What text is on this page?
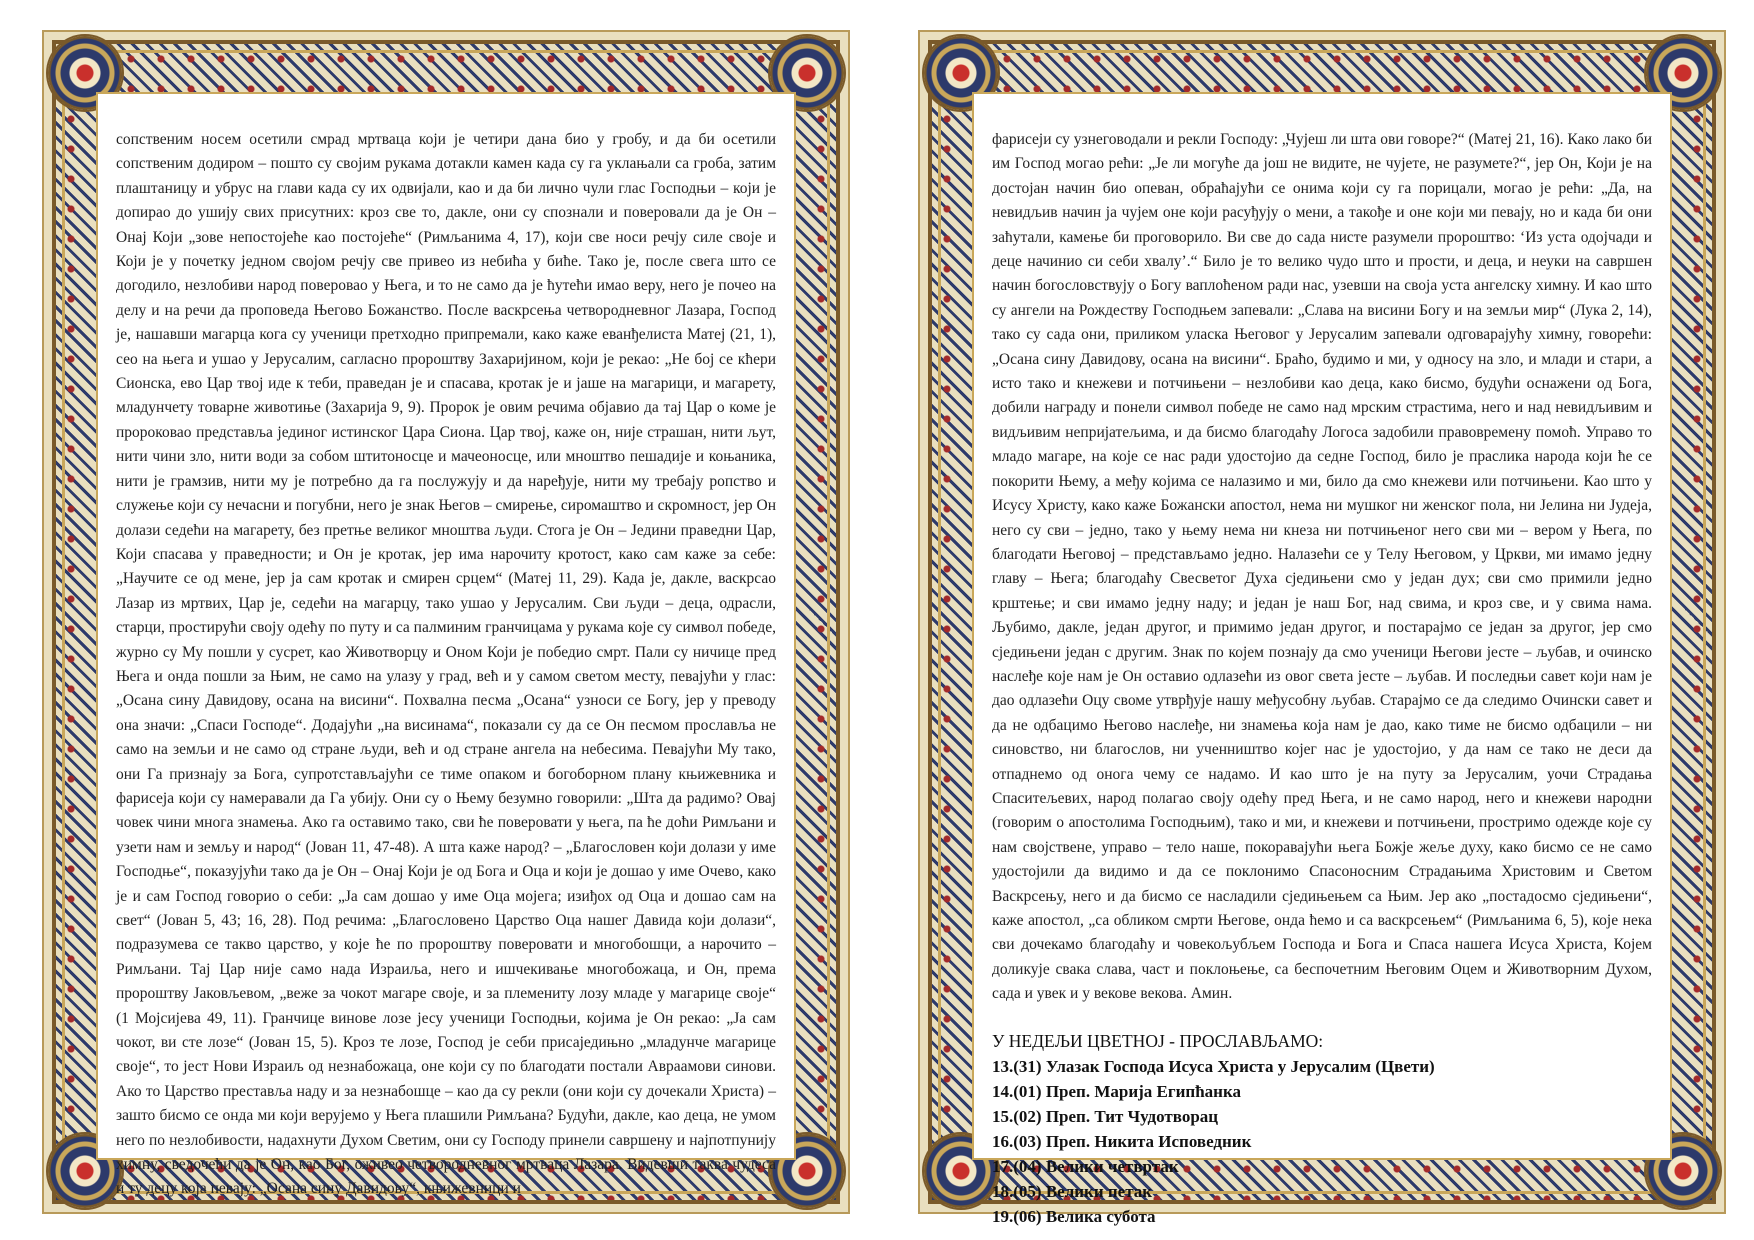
сопственим носем осетили смрад мртваца који је четири дана био у гробу, и да би осетили сопственим додиром – пошто су својим рукама дотакли камен када су га уклањали са гроба, затим плаштаницу и убрус на глави када су их одвијали, као и да би лично чули глас Господњи – који је допирао до ушију свих присутних: кроз све то, дакле, они су спознали и поверовали да је Он – Онај Који „зове непостојеће као постојеће“ (Римљанима 4, 17), који све носи речју силе своје и Који је у почетку једном својом речју све привео из небића у биће. Тако је, после свега што се догодило, незлобиви народ поверовао у Њега, и то не само да је ћутећи имао веру, него је почео на делу и на речи да проповеда Његово Божанство. После васкрсења четвородневног Лазара, Господ је, нашавши магарца кога су ученици претходно припремали, како каже еванђелиста Матеј (21, 1), сео на њега и ушао у Јерусалим, сагласно пророштву Захаријином, који је рекао: „Не бој се кћери Сионска, ево Цар твој иде к теби, праведан је и спасава, кротак је и јаше на магарици, и магарету, младунчету товарне животиње (Захарија 9, 9). Пророк је овим речима објавио да тај Цар о коме је пророковао представља јединог истинског Цара Сиона. Цар твој, каже он, није страшан, нити љут, нити чини зло, нити води за собом штитоносце и мачеоносце, или мноштво пешадије и коњаника, нити је грамзив, нити му је потребно да га послужују и да наређује, нити му требају ропство и служење који су нечасни и погубни, него је знак Његов – смирење, сиромаштво и скромност, јер Он долази седећи на магарету, без претње великог мноштва људи. Стога је Он – Једини праведни Цар, Који спасава у праведности; и Он је кротак, јер има нарочиту кротост, како сам каже за себе: „Научите се од мене, јер ја сам кротак и смирен срцем“ (Матеј 11, 29). Када је, дакле, васкрсао Лазар из мртвих, Цар је, седећи на магарцу, тако ушао у Јерусалим. Сви људи – деца, одрасли, старци, простирући своју одећу по путу и са палминим гранчицама у рукама које су символ победе, журно су Му пошли у сусрет, као Животворцу и Оном Који је победио смрт. Пали су ничице пред Њега и онда пошли за Њим, не само на улазу у град, већ и у самом светом месту, певајући у глас: „Осана сину Давидову, осана на висини“. Похвална песма „Осана“ узноси се Богу, јер у преводу она значи: „Спаси Господе“. Додајући „на висинама“, показали су да се Он песмом прославља не само на земљи и не само од стране људи, већ и од стране ангела на небесима. Певајући Му тако, они Га признају за Бога, супротстављајући се тиме опаком и богоборном плану књижевника и фарисеја који су намеравали да Га убију. Они су о Њему безумно говорили: „Шта да радимо? Овај човек чини многа знамења. Ако га оставимо тако, сви ће поверовати у њега, па ће доћи Римљани и узети нам и земљу и народ“ (Јован 11, 47-48). А шта каже народ? – „Благословен који долази у име Господње“, показујући тако да је Он – Онај Који је од Бога и Оца и који је дошао у име Очево, како је и сам Господ говорио о себи: „Ја сам дошао у име Оца мојега; изиђох од Оца и дошао сам на свет“ (Јован 5, 43; 16, 28). Под речима: „Благословено Царство Оца нашег Давида који долази“, подразумева се такво царство, у које ће по пророштву поверовати и многобошци, а нарочито – Римљани. Тај Цар није само нада Израиља, него и ишчекивање многобожаца, и Он, према пророштву Јаковљевом, „веже за чокот магаре своје, и за племениту лозу младе у магарице своје“ (1 Мојсијева 49, 11). Гранчице винове лозе јесу ученици Господњи, којима је Он рекао: „Ја сам чокот, ви сте лозе“ (Јован 15, 5). Кроз те лозе, Господ је себи присаједињно „младунче магарице своје“, то јест Нови Израиљ од незнабожаца, оне који су по благодати постали Авраамови синови. Ако то Царство преставља наду и за незнабошце – као да су рекли (они који су дочекали Христа) – зашто бисмо се онда ми који верујемо у Њега плашили Римљана? Будући, дакле, као деца, не умом него по незлобивости, надахнути Духом Светим, они су Господу принели савршену и најпотпунију химну, сведочећи да је Он, као Бог, оживео четвородневног мртваца Лазара. Видевши таква чудеса и ту децу која певају: „Осана сину Давидову“, књижевници и

фарисеји су узнеговодали и рекли Господу: „Чујеш ли шта ови говоре?“ (Матеј 21, 16). Како лако би им Господ могао рећи: „Је ли могуће да још не видите, не чујете, не разумете?“, јер Он, Који је на достојан начин био опеван, обраћајући се онима који су га порицали, могао је рећи: „Да, на невидљив начин ја чујем оне који расуђују о мени, а такође и оне који ми певају, но и када би они заћутали, камење би проговорило. Ви све до сада нисте разумели пророштво: ‘Из уста одојчади и деце начинио си себи хвалу’.“ Било је то велико чудо што и прости, и деца, и неуки на савршен начин богословствују о Богу ваплоћеном ради нас, узевши на своја уста ангелску химну. И као што су ангели на Рождеству Господњем запевали: „Слава на висини Богу и на земљи мир“ (Лука 2, 14), тако су сада они, приликом уласка Његовог у Јерусалим запевали одговарајућу химну, говорећи: „Осана сину Давидову, осана на висини“. Браћо, будимо и ми, у односу на зло, и млади и стари, а исто тако и кнежеви и потчињени – незлобиви као деца, како бисмо, будући оснажени од Бога, добили награду и понели символ победе не само над мрским страстима, него и над невидљивим и видљивим непријатељима, и да бисмо благодаћу Логоса задобили правовремену помоћ. Управо то младо магаре, на које се нас ради удостојио да седне Господ, било је праслика народа који ће се покорити Њему, а међу којима се налазимо и ми, било да смо кнежеви или потчињени. Као што у Исусу Христу, како каже Божански апостол, нема ни мушког ни женског пола, ни Јелина ни Јудеја, него су сви – једно, тако у њему нема ни кнеза ни потчињеног него сви ми – вером у Њега, по благодати Његовој – представљамо једно. Налазећи се у Телу Његовом, у Цркви, ми имамо једну главу – Њега; благодаћу Свесветог Духа сједињени смо у један дух; сви смо примили једно крштење; и сви имамо једну наду; и један је наш Бог, над свима, и кроз све, и у свима нама. Љубимо, дакле, један другог, и примимо један другог, и постарајмо се један за другог, јер смо сједињени један с другим. Знак по којем познају да смо ученици Његови јесте – љубав, и очинско наслеђе које нам је Он оставио одлазећи из овог света јесте – љубав. И последњи савет који нам је дао одлазећи Оцу своме утврђује нашу међусобну љубав. Старајмо се да следимо Очински савет и да не одбацимо Његово наслеђе, ни знамења која нам је дао, како тиме не бисмо одбацили – ни синовство, ни благослов, ни ученништво којег нас је удостојио, у да нам се тако не деси да отпаднемо од онога чему се надамо. И као што је на путу за Јерусалим, уочи Страдања Спаситељевих, народ полагао своју одећу пред Њега, и не само народ, него и кнежеви народни (говорим о апостолима Господњим), тако и ми, и кнежеви и потчињени, простримо одежде које су нам својствене, управо – тело наше, покоравајући њега Божје жеље духу, како бисмо се не само удостојили да видимо и да се поклонимо Спасоносним Страдањима Христовим и Светом Васкрсењу, него и да бисмо се насладили сједињењем са Њим. Јер ако „постадосмо сједињени“, каже апостол, „са обликом смрти Његове, онда ћемо и са васкрсењем“ (Римљанима 6, 5), које нека сви дочекамо благодаћу и човекољубљем Господа и Бога и Спаса нашега Исуса Христа, Којем доликује свака слава, част и поклоњење, са беспочетним Његовим Оцем и Животворним Духом, сада и увек и у векове векова. Амин.

У НЕДЕЉИ ЦВЕТНОЈ - ПРОСЛАВЉАМО:
13.(31) Улазак Господа Исуса Христа у Јерусалим (Цвети)
14.(01) Преп. Марија Египћанка
15.(02) Преп. Тит Чудотворац
16.(03) Преп. Никита Исповедник
17.(04) Велики четвртак
18.(05) Велики петак
19.(06) Велика субота
